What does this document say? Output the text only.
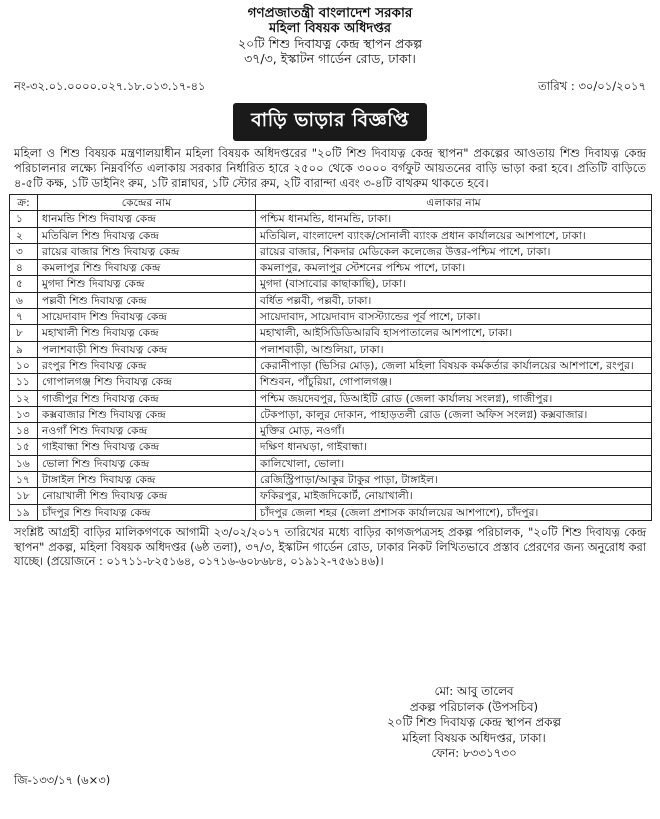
গণপ্রজাতন্ত্রী বাংলাদেশ সরকার
মহিলা বিষয়ক অধিদপ্তর
২০টি শিশু দিবাযত্ন কেন্দ্র স্থাপন প্রকল্প
৩৭/৩, ইস্কাটন গার্ডেন রোড, ঢাকা।
নং-৩২.০১.০০০০.০২৭.১৮.০১৩.১৭-৪১	তারিখ : ৩০/০১/২০১৭
বাড়ি ভাড়ার বিজ্ঞপ্তি

মহিলা ও শিশু বিষয়ক মন্ত্রণালয়াধীন মহিলা বিষয়ক অধিদপ্তরের "২০টি শিশু দিবাযত্ন কেন্দ্র স্থাপন" প্রকল্পের আওতায় শিশু দিবাযত্ন কেন্দ্র পরিচালনার লক্ষ্যে নিম্নবর্ণিত এলাকায় সরকার নির্ধারিত হারে ২৫০০ থেকে ৩০০০ বর্গফুট আয়তনের বাড়ি ভাড়া করা হবে। প্রতিটি বাড়িতে ৪-৫টি কক্ষ, ১টি ডাইনিং রুম, ১টি রান্নাঘর, ১টি স্টোর রুম, ২টি বারান্দা এবং ৩-৪টি বাথরুম থাকতে হবে।

ক্র:	কেন্দ্রের নাম	এলাকার নাম
১	ধানমন্ডি শিশু দিবাযত্ন কেন্দ্র	পশ্চিম ধানমন্ডি, ধানমন্ডি, ঢাকা।
২	মতিঝিল শিশু দিবাযত্ন কেন্দ্র	মতিঝিল, বাংলাদেশ ব্যাংক/সোনালী ব্যাংক প্রধান কার্যালয়ের আশপাশে, ঢাকা।
৩	রায়ের বাজার শিশু দিবাযত্ন কেন্দ্র	রায়ের বাজার, শিকদার মেডিকেল কলেজের উত্তর-পশ্চিম পাশে, ঢাকা।
৪	কমলাপুর শিশু দিবাযত্ন কেন্দ্র	কমলাপুর, কমলাপুর স্টেশনের পশ্চিম পাশে, ঢাকা।
৫	মুগদা শিশু দিবাযত্ন কেন্দ্র	মুগদা (বাসাবোর কাছাকাছি), ঢাকা।
৬	পল্লবী শিশু দিবাযত্ন কেন্দ্র	বর্ধিত পল্লবী, পল্লবী, ঢাকা।
৭	সায়েদাবাদ শিশু দিবাযত্ন কেন্দ্র	সায়েদাবাদ, সায়েদাবাদ বাসস্ট্যান্ডের পূর্ব পাশে, ঢাকা।
৮	মহাখালী শিশু দিবাযত্ন কেন্দ্র	মহাখালী, আইসিডিডিআরবি হাসপাতালের আশপাশে, ঢাকা।
৯	পলাশবাড়ী শিশু দিবাযত্ন কেন্দ্র	পলাশবাড়ী, আশুলিয়া, ঢাকা।
১০	রংপুর শিশু দিবাযত্ন কেন্দ্র	কেরানীপাড়া (ভিসির মোড়), জেলা মহিলা বিষয়ক কর্মকর্তার কার্যালয়ের আশপাশে, রংপুর।
১১	গোপালগঞ্জ শিশু দিবাযত্ন কেন্দ্র	শিশুবন, পাঁচুরিয়া, গোপালগঞ্জ।
১২	গাজীপুর শিশু দিবাযত্ন কেন্দ্র	পশ্চিম জয়দেবপুর, ডিআইটি রোড (জেলা কার্যালয় সংলগ্ন), গাজীপুর।
১৩	কক্সবাজার শিশু দিবাযত্ন কেন্দ্র	টেকপাড়া, কালুর দোকান, পাহাড়তলী রোড (জেলা অফিস সংলগ্ন) কক্সবাজার।
১৪	নওগাঁ শিশু দিবাযত্ন কেন্দ্র	মুক্তির মোড়, নওগাঁ।
১৫	গাইবান্ধা শিশু দিবাযত্ন কেন্দ্র	দক্ষিণ ধানঘড়া, গাইবান্ধা।
১৬	ভোলা শিশু দিবাযত্ন কেন্দ্র	কালিখোলা, ভোলা।
১৭	টাঙ্গাইল শিশু দিবাযত্ন কেন্দ্র	রেজিস্ট্রিপাড়া/আকুর টাকুর পাড়া, টাঙ্গাইল।
১৮	নোয়াখালী শিশু দিবাযত্ন কেন্দ্র	ফকিরপুর, মাইজদিকোর্ট, নোয়াখালী।
১৯	চাঁদপুর শিশু দিবাযত্ন কেন্দ্র	চাঁদপুর জেলা শহর (জেলা প্রশাসক কার্যালয়ের আশপাশে), চাঁদপুর।

সংশ্লিষ্ট আগ্রহী বাড়ির মালিকগণকে আগামী ২৩/০২/২০১৭ তারিখের মধ্যে বাড়ির কাগজপত্রসহ প্রকল্প পরিচালক, "২০টি শিশু দিবাযত্ন কেন্দ্র স্থাপন" প্রকল্প, মহিলা বিষয়ক অধিদপ্তর (৬ষ্ঠ তলা), ৩৭/৩, ইস্কাটন গার্ডেন রোড, ঢাকার নিকট লিখিতভাবে প্রস্তাব প্রেরণের জন্য অনুরোধ করা যাচ্ছে। (প্রয়োজনে : ০১৭১১-৮২৫১৬৪, ০১৭১৬-৬০৮৬৮৪, ০১৯১২-৭৫৬১৪৬)।

মো: আবু তালেব
প্রকল্প পরিচালক (উপসচিব)
২০টি শিশু দিবাযত্ন কেন্দ্র স্থাপন প্রকল্প
মহিলা বিষয়ক অধিদপ্তর, ঢাকা।
ফোন: ৮৩৩১৭৩০
জি-১৩৩/১৭ (৬×৩)
